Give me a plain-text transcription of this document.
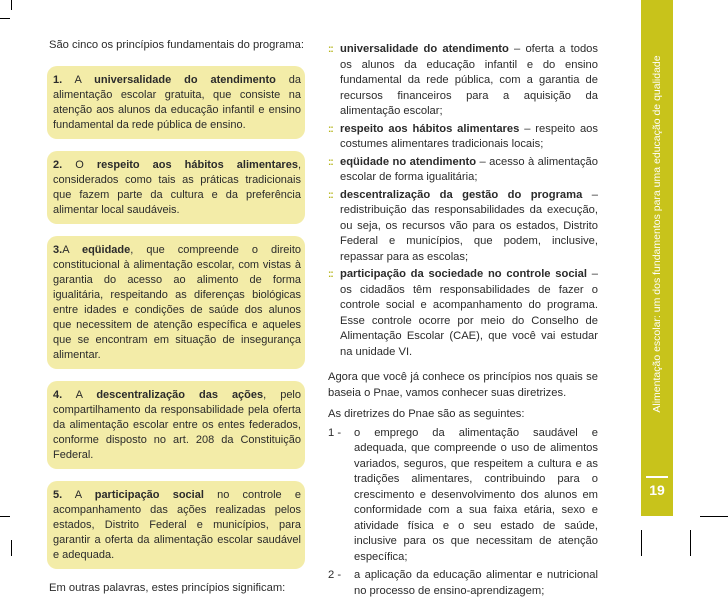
São cinco os princípios fundamentais do programa:
1. A universalidade do atendimento da alimentação escolar gratuita, que consiste na atenção aos alunos da educação infantil e ensino fundamental da rede pública de ensino.
2. O respeito aos hábitos alimentares, considerados como tais as práticas tradicionais que fazem parte da cultura e da preferência alimentar local saudáveis.
3.A eqüidade, que compreende o direito constitucional à alimentação escolar, com vistas à garantia do acesso ao alimento de forma igualitária, respeitando as diferenças biológicas entre idades e condições de saúde dos alunos que necessitem de atenção específica e aqueles que se encontram em situação de insegurança alimentar.
4. A descentralização das ações, pelo compartilhamento da responsabilidade pela oferta da alimentação escolar entre os entes federados, conforme disposto no art. 208 da Constituição Federal.
5. A participação social no controle e acompanhamento das ações realizadas pelos estados, Distrito Federal e municípios, para garantir a oferta da alimentação escolar saudável e adequada.
Em outras palavras, estes princípios significam:
:: universalidade do atendimento – oferta a todos os alunos da educação infantil e do ensino fundamental da rede pública, com a garantia de recursos financeiros para a aquisição da alimentação escolar;
:: respeito aos hábitos alimentares – respeito aos costumes alimentares tradicionais locais;
:: eqüidade no atendimento – acesso à alimentação escolar de forma igualitária;
:: descentralização da gestão do programa – redistribuição das responsabilidades da execução, ou seja, os recursos vão para os estados, Distrito Federal e municípios, que podem, inclusive, repassar para as escolas;
:: participação da sociedade no controle social – os cidadãos têm responsabilidades de fazer o controle social e acompanhamento do programa. Esse controle ocorre por meio do Conselho de Alimentação Escolar (CAE), que você vai estudar na unidade VI.
Agora que você já conhece os princípios nos quais se baseia o Pnae, vamos conhecer suas diretrizes.
As diretrizes do Pnae são as seguintes:
1 -	o emprego da alimentação saudável e adequada, que compreende o uso de alimentos variados, seguros, que respeitem a cultura e as tradições alimentares, contribuindo para o crescimento e desenvolvimento dos alunos em conformidade com a sua faixa etária, sexo e atividade física e o seu estado de saúde, inclusive para os que necessitam de atenção específica;
2 -	a aplicação da educação alimentar e nutricional no processo de ensino-aprendizagem;
Alimentação escolar: um dos fundamentos para uma educação de qualidade
19
